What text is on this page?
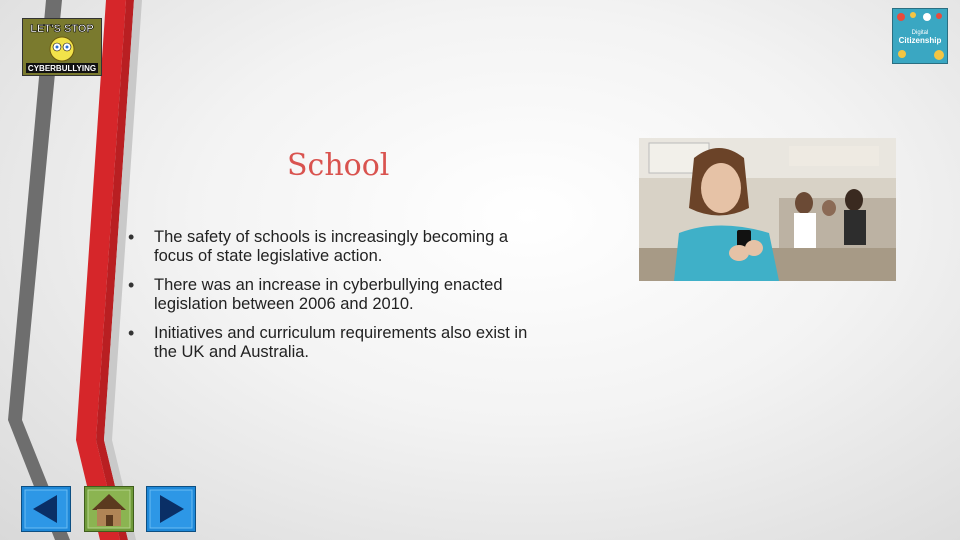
LET'S STOP
CYBERBULLYING
Digital
Citizenship
School
• The safety of schools is increasingly becoming a focus of state legislative action.
• There was an increase in cyberbullying enacted legislation between 2006 and 2010.
• Initiatives and curriculum requirements also exist in the UK and Australia.
